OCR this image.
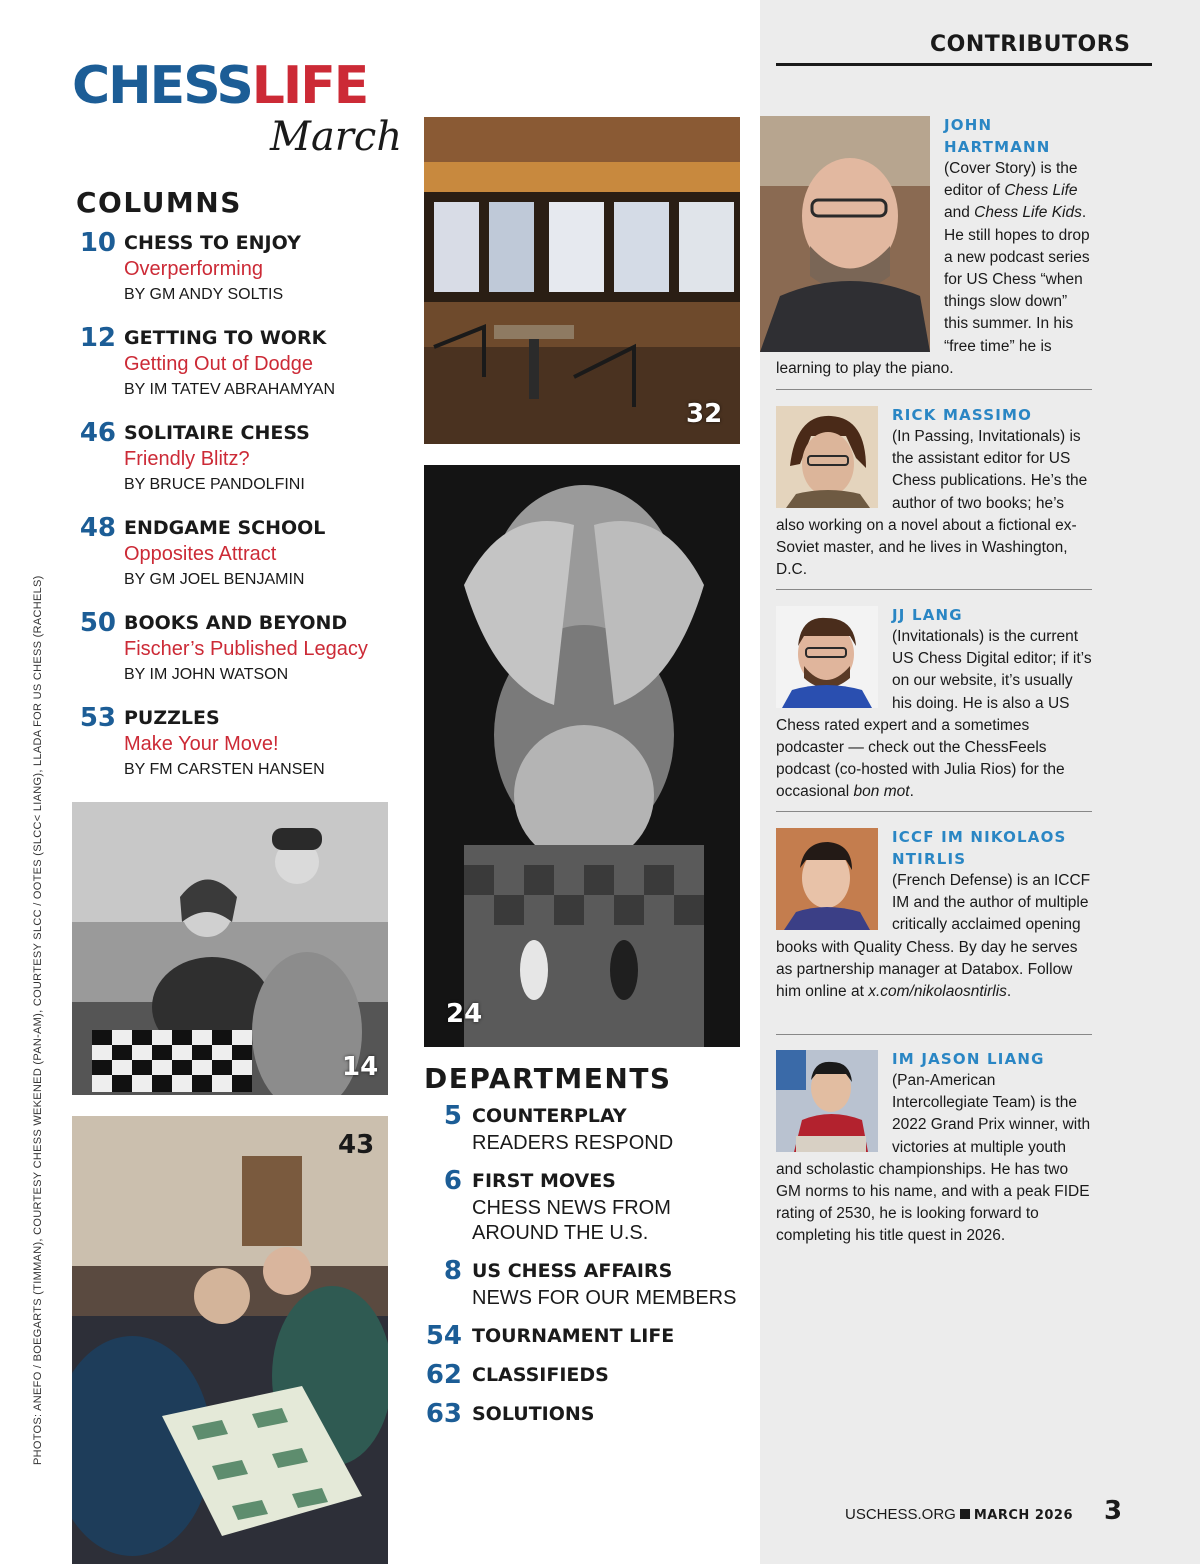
CONTRIBUTORS
CHESSLIFE
March
COLUMNS
10 CHESS TO ENJOY
Overperforming
BY GM ANDY SOLTIS
12 GETTING TO WORK
Getting Out of Dodge
BY IM TATEV ABRAHAMYAN
46 SOLITAIRE CHESS
Friendly Blitz?
BY BRUCE PANDOLFINI
48 ENDGAME SCHOOL
Opposites Attract
BY GM JOEL BENJAMIN
50 BOOKS AND BEYOND
Fischer’s Published Legacy
BY IM JOHN WATSON
53 PUZZLES
Make Your Move!
BY FM CARSTEN HANSEN
14
43
32
24
DEPARTMENTS
5 COUNTERPLAY
READERS RESPOND
6 FIRST MOVES
CHESS NEWS FROM AROUND THE U.S.
8 US CHESS AFFAIRS
NEWS FOR OUR MEMBERS
54 TOURNAMENT LIFE
62 CLASSIFIEDS
63 SOLUTIONS
JOHN HARTMANN
(Cover Story) is the editor of Chess Life and Chess Life Kids. He still hopes to drop a new podcast series for US Chess “when things slow down” this summer. In his “free time” he is learning to play the piano.
RICK MASSIMO
(In Passing, Invitationals) is the assistant editor for US Chess publications. He’s the author of two books; he’s also working on a novel about a fictional ex-Soviet master, and he lives in Washington, D.C.
JJ LANG
(Invitationals) is the current US Chess Digital editor; if it’s on our website, it’s usually his doing. He is also a US Chess rated expert and a sometimes podcaster — check out the ChessFeels podcast (co-hosted with Julia Rios) for the occasional bon mot.
ICCF IM NIKOLAOS NTIRLIS
(French Defense) is an ICCF IM and the author of multiple critically acclaimed opening books with Quality Chess. By day he serves as partnership manager at Databox. Follow him online at x.com/nikolaosntirlis.
IM JASON LIANG
(Pan-American Intercollegiate Team) is the 2022 Grand Prix winner, with victories at multiple youth and scholastic championships. He has two GM norms to his name, and with a peak FIDE rating of 2530, he is looking forward to completing his title quest in 2026.
PHOTOS: ANEFO / BOEGARTS (TIMMAN), COURTESY CHESS WEKENED (PAN-AM), COURTESY SLCC / OOTES (SLCC< LIANG), LLADA FOR US CHESS (RACHELS)
USCHESS.ORG MARCH 2026 3
